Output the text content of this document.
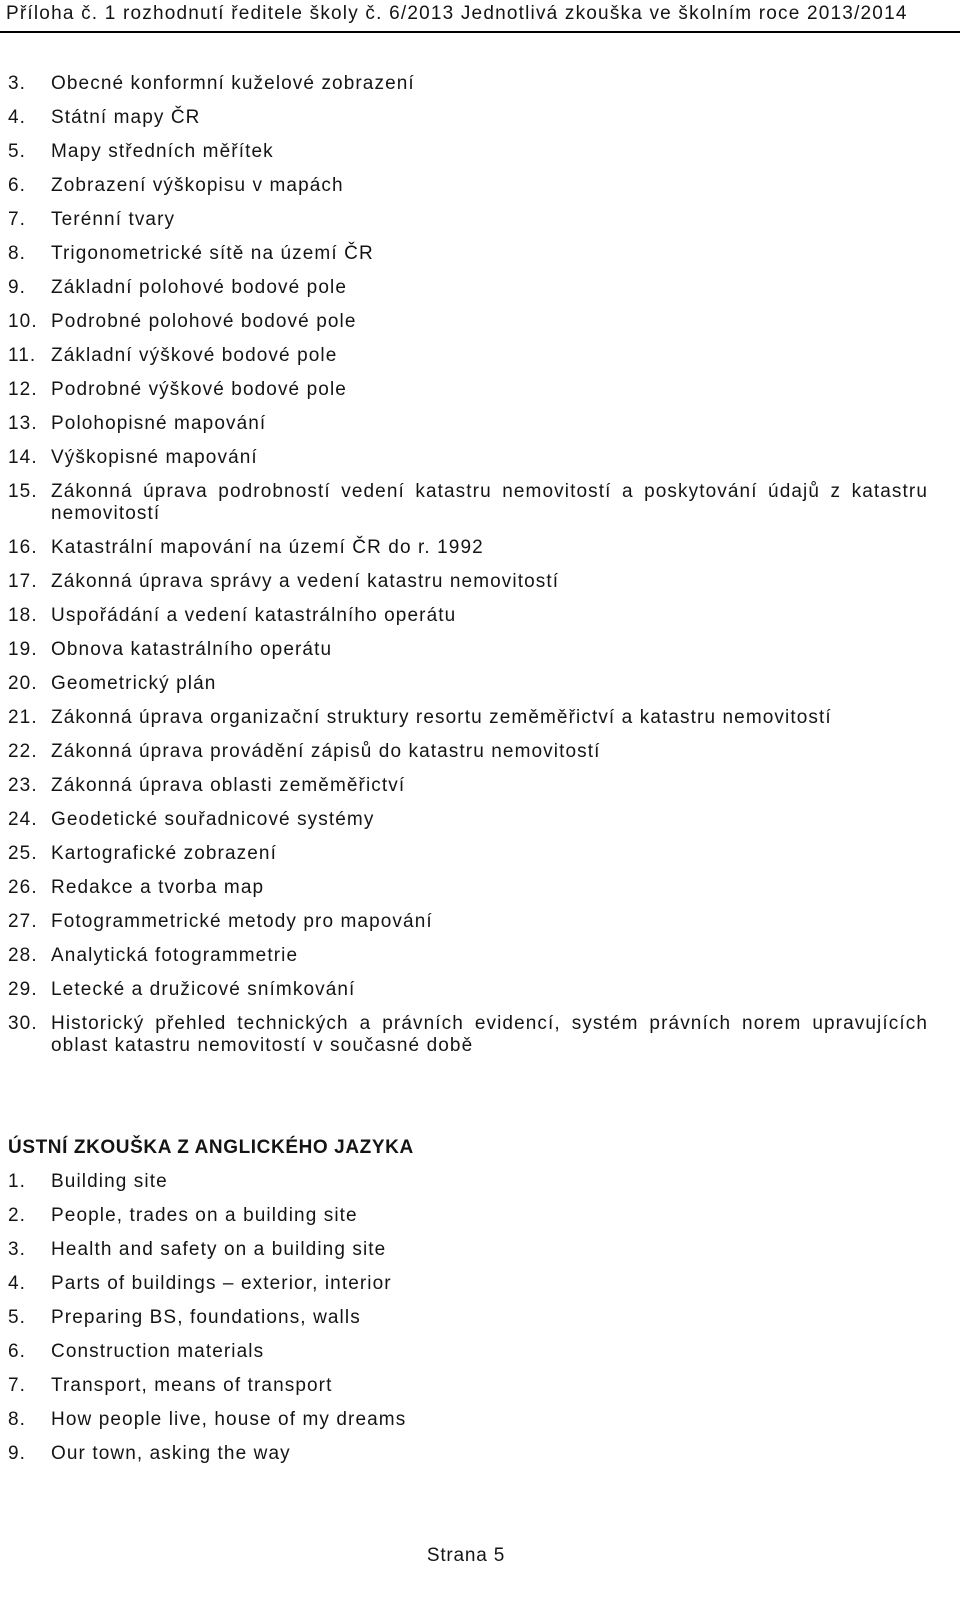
Příloha č. 1 rozhodnutí ředitele školy č. 6/2013 Jednotlivá zkouška ve školním roce 2013/2014
3. Obecné konformní kuželové zobrazení
4. Státní mapy ČR
5. Mapy středních měřítek
6. Zobrazení výškopisu v mapách
7. Terénní tvary
8. Trigonometrické sítě na území ČR
9. Základní polohové bodové pole
10. Podrobné polohové bodové pole
11. Základní výškové bodové pole
12. Podrobné výškové bodové pole
13. Polohopisné mapování
14. Výškopisné mapování
15. Zákonná úprava podrobností vedení katastru nemovitostí a poskytování údajů z katastru nemovitostí
16. Katastrální mapování na území ČR do r. 1992
17. Zákonná úprava správy a vedení katastru nemovitostí
18. Uspořádání a vedení katastrálního operátu
19. Obnova katastrálního operátu
20. Geometrický plán
21. Zákonná úprava organizační struktury resortu zeměměřictví a katastru nemovitostí
22. Zákonná úprava provádění zápisů do katastru nemovitostí
23. Zákonná úprava oblasti zeměměřictví
24. Geodetické souřadnicové systémy
25. Kartografické zobrazení
26. Redakce a tvorba map
27. Fotogrammetrické metody pro mapování
28. Analytická fotogrammetrie
29. Letecké a družicové snímkování
30. Historický přehled technických a právních evidencí, systém právních norem upravujících oblast katastru nemovitostí v současné době
ÚSTNÍ ZKOUŠKA Z ANGLICKÉHO JAZYKA
1. Building site
2. People, trades on a building site
3. Health and safety on a building site
4. Parts of buildings – exterior, interior
5. Preparing BS, foundations, walls
6. Construction materials
7. Transport, means of transport
8. How people live, house of my dreams
9. Our town, asking the way
Strana 5
